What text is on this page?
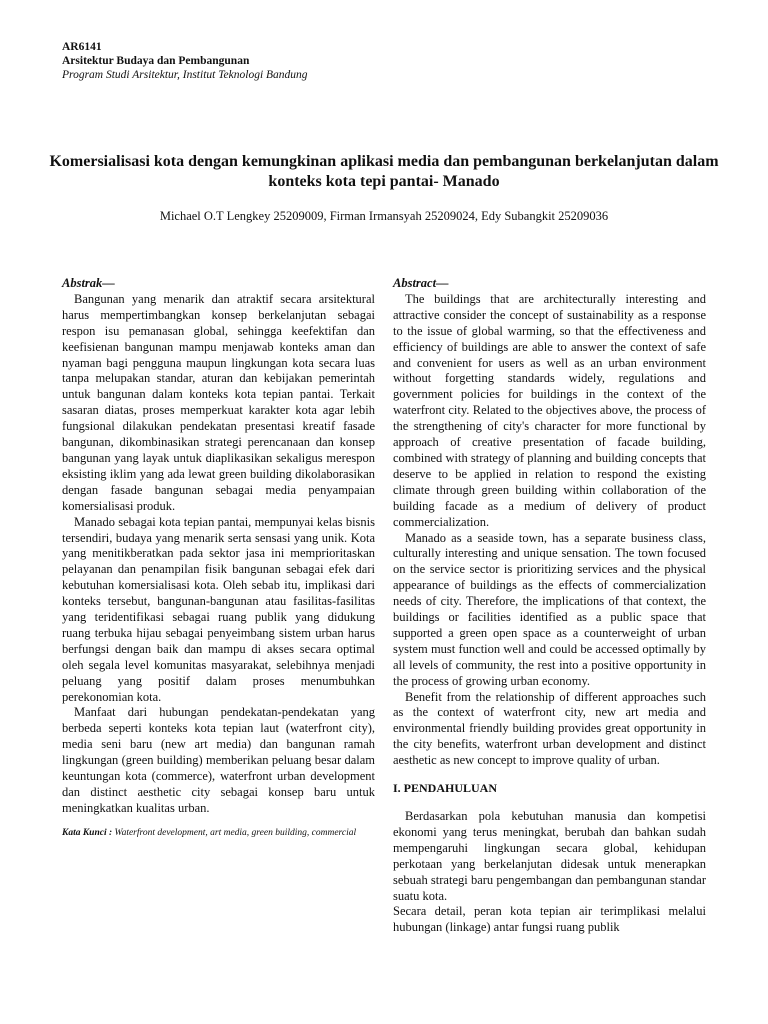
AR6141
Arsitektur Budaya dan Pembangunan
Program Studi Arsitektur, Institut Teknologi Bandung
Komersialisasi kota dengan kemungkinan aplikasi media dan pembangunan berkelanjutan dalam konteks kota tepi pantai- Manado
Michael O.T Lengkey 25209009, Firman Irmansyah 25209024, Edy Subangkit 25209036

Abstrak—

Bangunan yang menarik dan atraktif secara arsitektural harus mempertimbangkan konsep berkelanjutan sebagai respon isu pemanasan global, sehingga keefektifan dan keefisienan bangunan mampu menjawab konteks aman dan nyaman bagi pengguna maupun lingkungan kota secara luas tanpa melupakan standar, aturan dan kebijakan pemerintah untuk bangunan dalam konteks kota tepian pantai. Terkait sasaran diatas, proses memperkuat karakter kota agar lebih fungsional dilakukan pendekatan presentasi kreatif fasade bangunan, dikombinasikan strategi perencanaan dan konsep bangunan yang layak untuk diaplikasikan sekaligus merespon eksisting iklim yang ada lewat green building dikolaborasikan dengan fasade bangunan sebagai media penyampaian komersialisasi produk.

Manado sebagai kota tepian pantai, mempunyai kelas bisnis tersendiri, budaya yang menarik serta sensasi yang unik. Kota yang menitikberatkan pada sektor jasa ini memprioritaskan pelayanan dan penampilan fisik bangunan sebagai efek dari kebutuhan komersialisasi kota. Oleh sebab itu, implikasi dari konteks tersebut, bangunan-bangunan atau fasilitas-fasilitas yang teridentifikasi sebagai ruang publik yang didukung ruang terbuka hijau sebagai penyeimbang sistem urban harus berfungsi dengan baik dan mampu di akses secara optimal oleh segala level komunitas masyarakat, selebihnya menjadi peluang yang positif dalam proses menumbuhkan perekonomian kota.

Manfaat dari hubungan pendekatan-pendekatan yang berbeda seperti konteks kota tepian laut (waterfront city), media seni baru (new art media) dan bangunan ramah lingkungan (green building) memberikan peluang besar dalam keuntungan kota (commerce), waterfront urban development dan distinct aesthetic city sebagai konsep baru untuk meningkatkan kualitas urban.

Kata Kunci : Waterfront development, art media, green building, commercial

Abstract—

The buildings that are architecturally interesting and attractive consider the concept of sustainability as a response to the issue of global warming, so that the effectiveness and efficiency of buildings are able to answer the context of safe and convenient for users as well as an urban environment without forgetting standards widely, regulations and government policies for buildings in the context of the waterfront city. Related to the objectives above, the process of the strengthening of city's character for more functional by approach of creative presentation of facade building, combined with strategy of planning and building concepts that deserve to be applied in relation to respond the existing climate through green building within collaboration of the building facade as a medium of delivery of product commercialization.

Manado as a seaside town, has a separate business class, culturally interesting and unique sensation. The town focused on the service sector is prioritizing services and the physical appearance of buildings as the effects of commercialization needs of city. Therefore, the implications of that context, the buildings or facilities identified as a public space that supported a green open space as a counterweight of urban system must function well and could be accessed optimally by all levels of community, the rest into a positive opportunity in the process of growing urban economy.

Benefit from the relationship of different approaches such as the context of waterfront city, new art media and environmental friendly building provides great opportunity in the city benefits, waterfront urban development and distinct aesthetic as new concept to improve quality of urban.

I. PENDAHULUAN

Berdasarkan pola kebutuhan manusia dan kompetisi ekonomi yang terus meningkat, berubah dan bahkan sudah mempengaruhi lingkungan secara global, kehidupan perkotaan yang berkelanjutan didesak untuk menerapkan sebuah strategi baru pengembangan dan pembangunan standar suatu kota.

Secara detail, peran kota tepian air terimplikasi melalui hubungan (linkage) antar fungsi ruang publik
